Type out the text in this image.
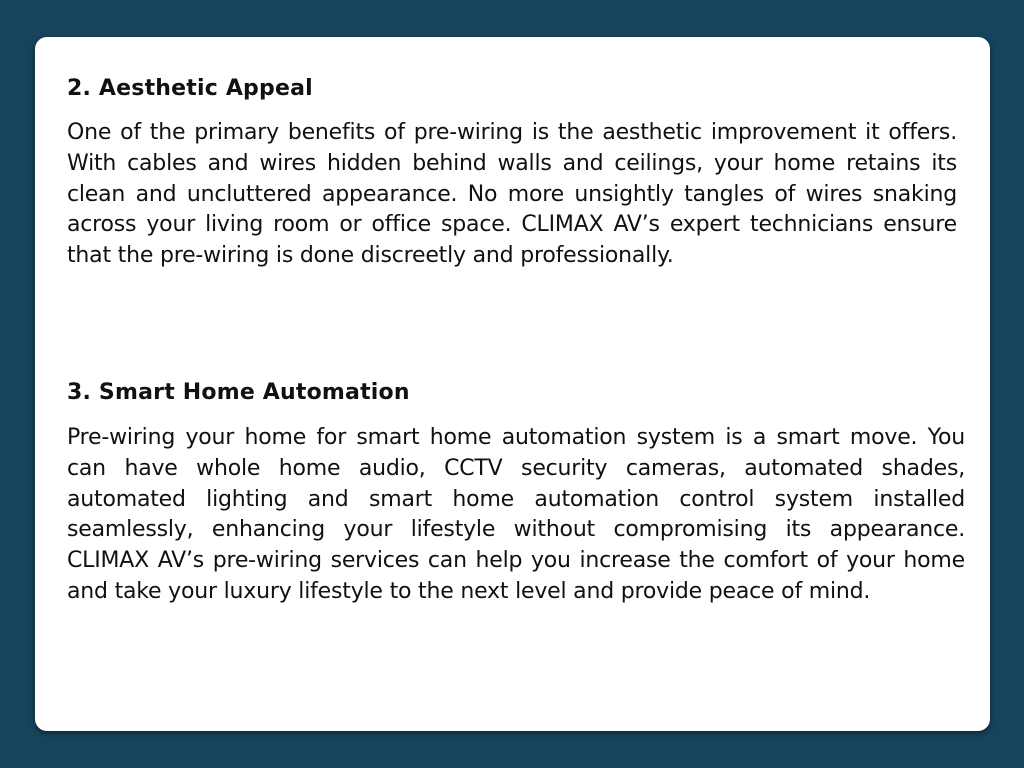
2. Aesthetic Appeal

One of the primary benefits of pre-wiring is the aesthetic improvement it offers. With cables and wires hidden behind walls and ceilings, your home retains its clean and uncluttered appearance. No more unsightly tangles of wires snaking across your living room or office space. CLIMAX AV’s expert technicians ensure that the pre-wiring is done discreetly and professionally.

3. Smart Home Automation

Pre-wiring your home for smart home automation system is a smart move. You can have whole home audio, CCTV security cameras, automated shades, automated lighting and smart home automation control system installed seamlessly, enhancing your lifestyle without compromising its appearance. CLIMAX AV’s pre-wiring services can help you increase the comfort of your home and take your luxury lifestyle to the next level and provide peace of mind.
